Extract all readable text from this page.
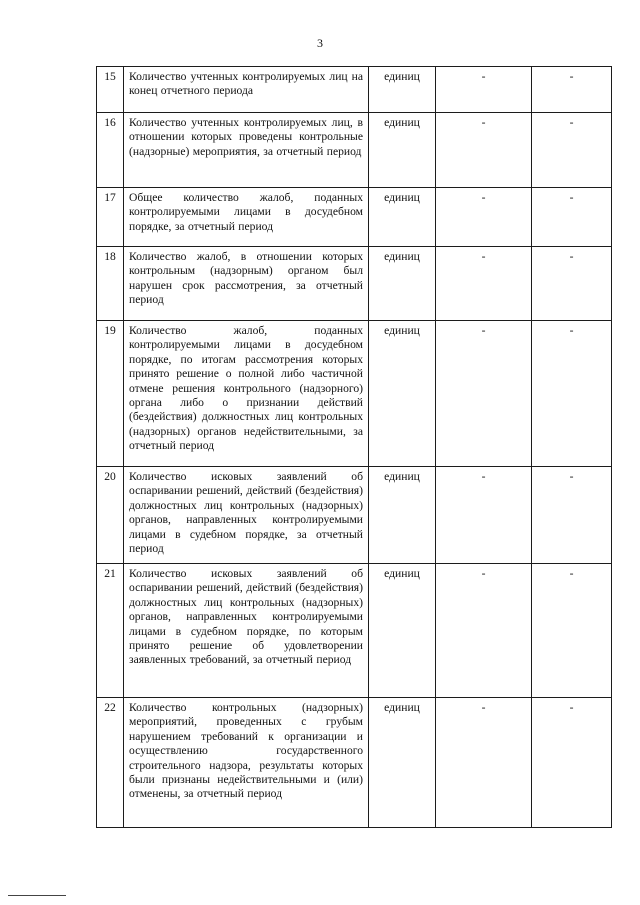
3
15	Количество учтенных контролируемых лиц на конец отчетного периода	единиц	-	-
16	Количество учтенных контролируемых лиц, в отношении которых проведены контрольные (надзорные) мероприятия, за отчетный период	единиц	-	-
17	Общее количество жалоб, поданных контролируемыми лицами в досудебном порядке, за отчетный период	единиц	-	-
18	Количество жалоб, в отношении которых контрольным (надзорным) органом был нарушен срок рассмотрения, за отчетный период	единиц	-	-
19	Количество жалоб, поданных контролируемыми лицами в досудебном порядке, по итогам рассмотрения которых принято решение о полной либо частичной отмене решения контрольного (надзорного) органа либо о признании действий (бездействия) должностных лиц контрольных (надзорных) органов недействительными, за отчетный период	единиц	-	-
20	Количество исковых заявлений об оспаривании решений, действий (бездействия) должностных лиц контрольных (надзорных) органов, направленных контролируемыми лицами в судебном порядке, за отчетный период	единиц	-	-
21	Количество исковых заявлений об оспаривании решений, действий (бездействия) должностных лиц контрольных (надзорных) органов, направленных контролируемыми лицами в судебном порядке, по которым принято решение об удовлетворении заявленных требований, за отчетный период	единиц	-	-
22	Количество контрольных (надзорных) мероприятий, проведенных с грубым нарушением требований к организации и осуществлению государственного строительного надзора, результаты которых были признаны недействительными и (или) отменены, за отчетный период	единиц	-	-
